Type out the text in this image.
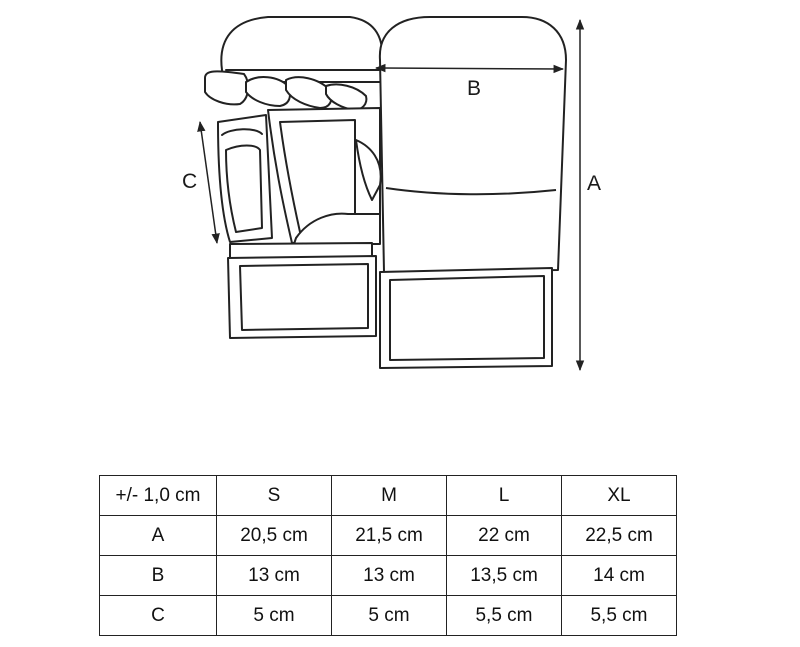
A
B
C
+/- 1,0 cm	S	M	L	XL
A	20,5 cm	21,5 cm	22 cm	22,5 cm
B	13 cm	13 cm	13,5 cm	14 cm
C	5 cm	5 cm	5,5 cm	5,5 cm
